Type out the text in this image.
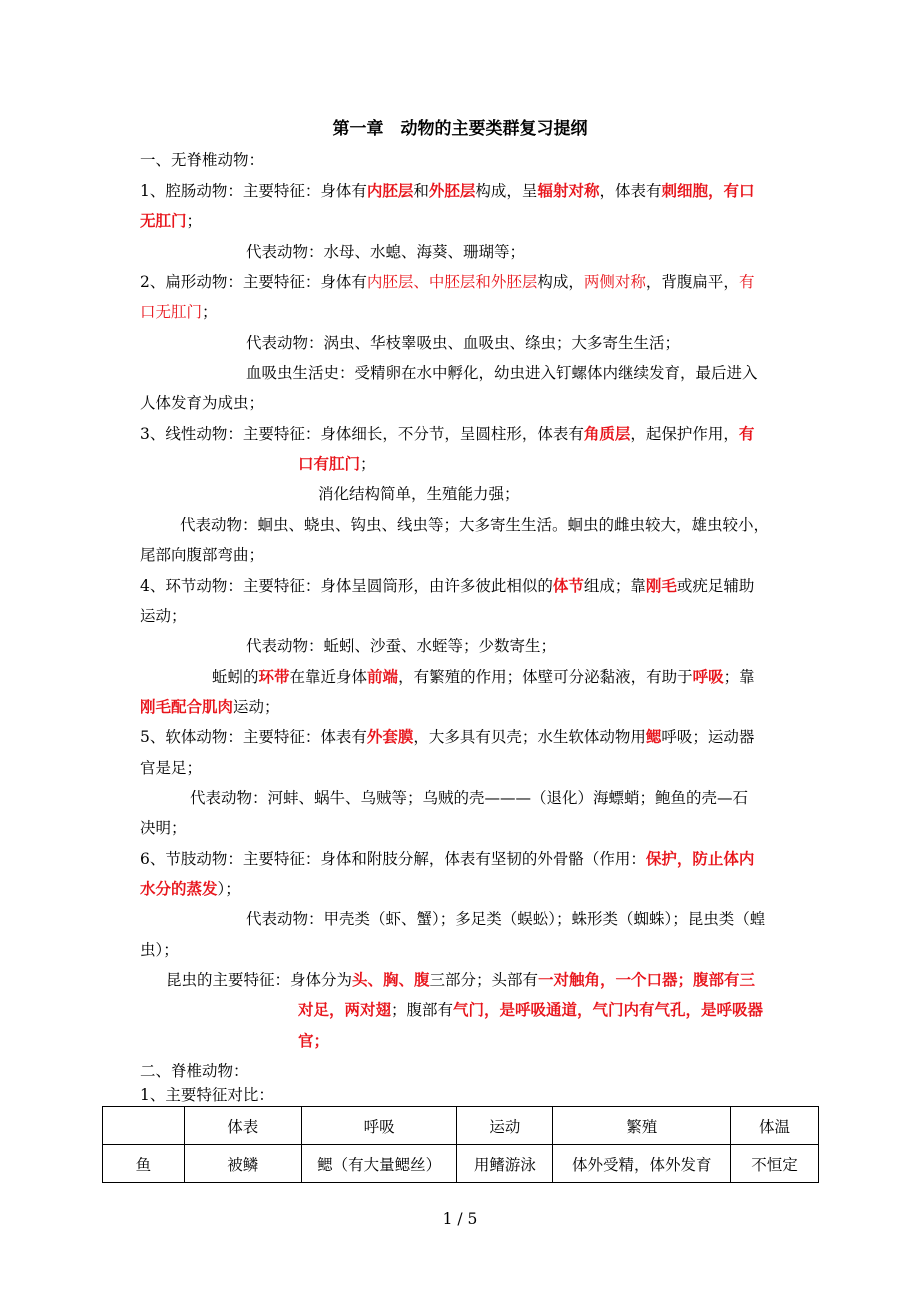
第一章　动物的主要类群复习提纲
一、无脊椎动物：
1、腔肠动物：主要特征：身体有内胚层和外胚层构成，呈辐射对称，体表有刺细胞，有口
无肛门；
代表动物：水母、水螅、海葵、珊瑚等；
2、扁形动物：主要特征：身体有内胚层、中胚层和外胚层构成，两侧对称，背腹扁平，有
口无肛门；
代表动物：涡虫、华枝睾吸虫、血吸虫、绦虫；大多寄生生活；
血吸虫生活史：受精卵在水中孵化，幼虫进入钉螺体内继续发育，最后进入
人体发育为成虫；
3、线性动物：主要特征：身体细长，不分节，呈圆柱形，体表有角质层，起保护作用，有
口有肛门；
消化结构简单，生殖能力强；
代表动物：蛔虫、蛲虫、钩虫、线虫等；大多寄生生活。蛔虫的雌虫较大，雄虫较小，
尾部向腹部弯曲；
4、环节动物：主要特征：身体呈圆筒形，由许多彼此相似的体节组成；靠刚毛或疣足辅助
运动；
代表动物：蚯蚓、沙蚕、水蛭等；少数寄生；
蚯蚓的环带在靠近身体前端，有繁殖的作用；体壁可分泌黏液，有助于呼吸；靠
刚毛配合肌肉运动；
5、软体动物：主要特征：体表有外套膜，大多具有贝壳；水生软体动物用鳃呼吸；运动器
官是足；
代表动物：河蚌、蜗牛、乌贼等；乌贼的壳———（退化）海螵蛸；鲍鱼的壳—石
决明；
6、节肢动物：主要特征：身体和附肢分解，体表有坚韧的外骨骼（作用：保护，防止体内
水分的蒸发）；
代表动物：甲壳类（虾、蟹）；多足类（蜈蚣）；蛛形类（蜘蛛）；昆虫类（蝗
虫）；
昆虫的主要特征：身体分为头、胸、腹三部分；头部有一对触角，一个口器；腹部有三
对足，两对翅；腹部有气门，是呼吸通道，气门内有气孔，是呼吸器
官；
二、脊椎动物：
1、主要特征对比：
	体表	呼吸	运动	繁殖	体温
鱼	被鳞	鳃（有大量鳃丝）	用鳍游泳	体外受精，体外发育	不恒定
1 / 5
